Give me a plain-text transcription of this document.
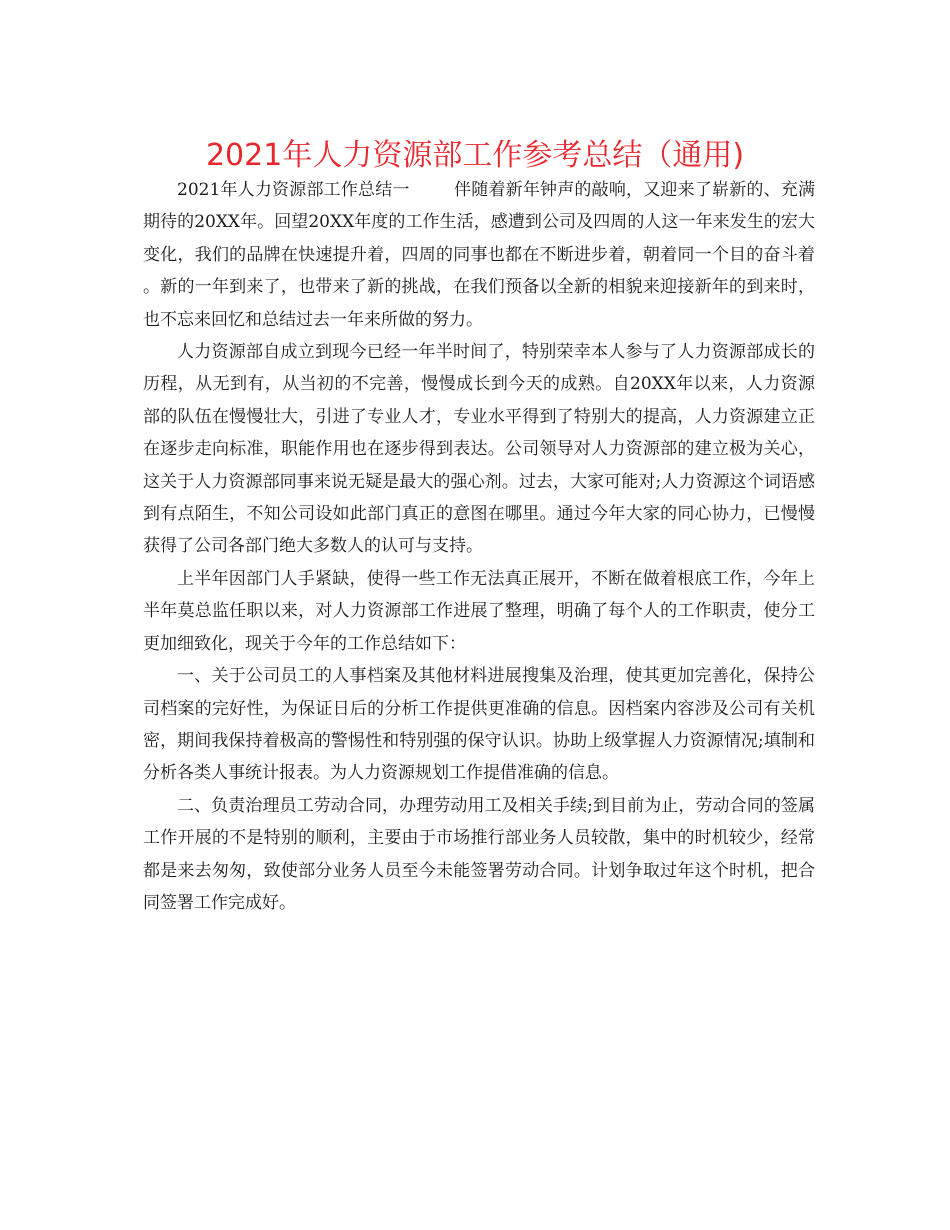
2021年人力资源部工作参考总结（通用)

2021年人力资源部工作总结一	伴随着新年钟声的敲响，又迎来了崭新的、充满期待的20XX年。回望20XX年度的工作生活，感遭到公司及四周的人这一年来发生的宏大变化，我们的品牌在快速提升着，四周的同事也都在不断进步着，朝着同一个目的奋斗着。新的一年到来了，也带来了新的挑战，在我们预备以全新的相貌来迎接新年的到来时，也不忘来回忆和总结过去一年来所做的努力。

人力资源部自成立到现今已经一年半时间了，特别荣幸本人参与了人力资源部成长的历程，从无到有，从当初的不完善，慢慢成长到今天的成熟。自20XX年以来，人力资源部的队伍在慢慢壮大，引进了专业人才，专业水平得到了特别大的提高，人力资源建立正在逐步走向标准，职能作用也在逐步得到表达。公司领导对人力资源部的建立极为关心，这关于人力资源部同事来说无疑是最大的强心剂。过去，大家可能对;人力资源这个词语感到有点陌生，不知公司设如此部门真正的意图在哪里。通过今年大家的同心协力，已慢慢获得了公司各部门绝大多数人的认可与支持。

上半年因部门人手紧缺，使得一些工作无法真正展开，不断在做着根底工作，今年上半年莫总监任职以来，对人力资源部工作进展了整理，明确了每个人的工作职责，使分工更加细致化，现关于今年的工作总结如下：

一、关于公司员工的人事档案及其他材料进展搜集及治理，使其更加完善化，保持公司档案的完好性，为保证日后的分析工作提供更准确的信息。因档案内容涉及公司有关机密，期间我保持着极高的警惕性和特别强的保守认识。协助上级掌握人力资源情况;填制和分析各类人事统计报表。为人力资源规划工作提借准确的信息。

二、负责治理员工劳动合同，办理劳动用工及相关手续;到目前为止，劳动合同的签属工作开展的不是特别的顺利，主要由于市场推行部业务人员较散，集中的时机较少，经常都是来去匆匆，致使部分业务人员至今未能签署劳动合同。计划争取过年这个时机，把合同签署工作完成好。
